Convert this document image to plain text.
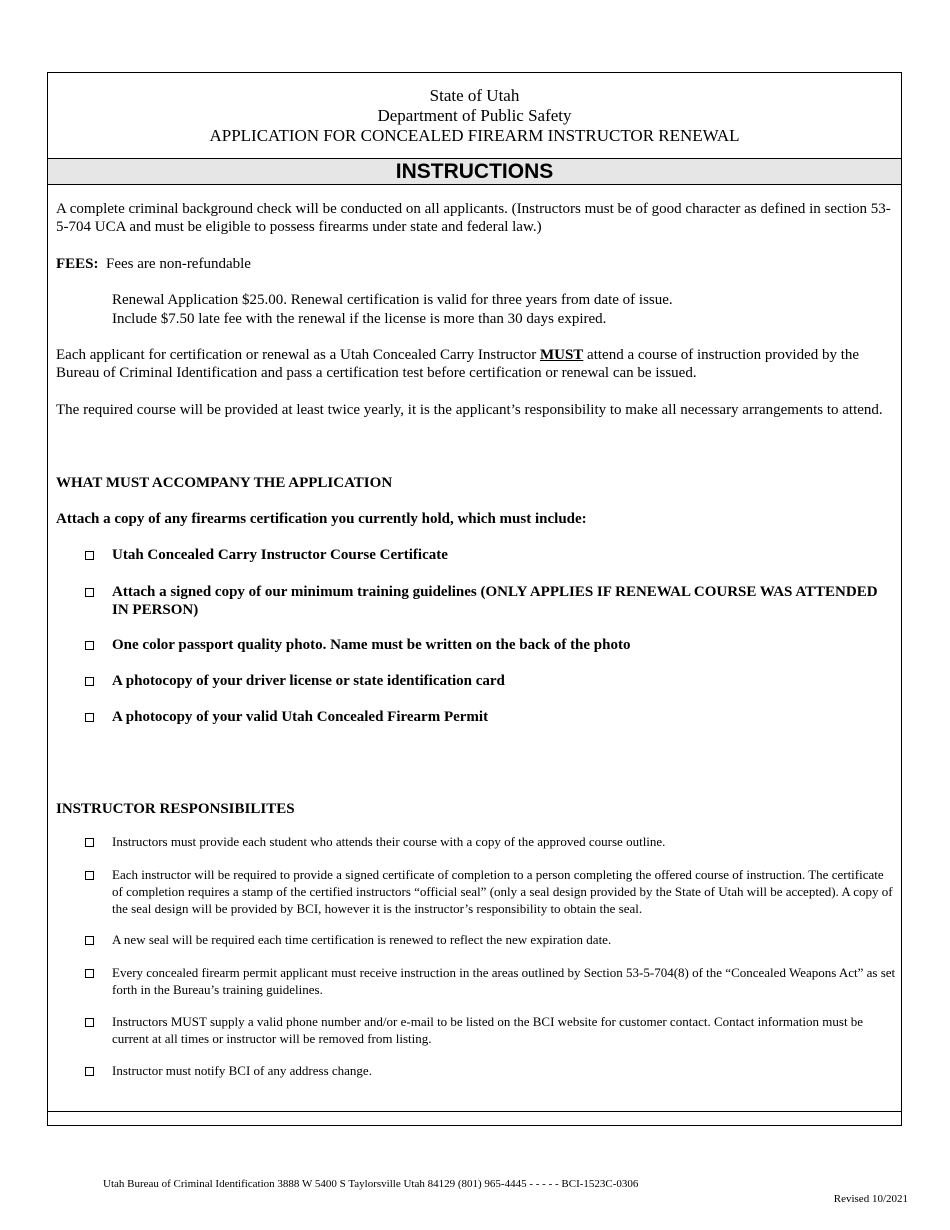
State of Utah
Department of Public Safety
APPLICATION FOR CONCEALED FIREARM INSTRUCTOR RENEWAL
INSTRUCTIONS
A complete criminal background check will be conducted on all applicants. (Instructors must be of good character as defined in section 53-5-704 UCA and must be eligible to possess firearms under state and federal law.)
FEES: Fees are non-refundable
Renewal Application $25.00. Renewal certification is valid for three years from date of issue.
Include $7.50 late fee with the renewal if the license is more than 30 days expired.
Each applicant for certification or renewal as a Utah Concealed Carry Instructor MUST attend a course of instruction provided by the Bureau of Criminal Identification and pass a certification test before certification or renewal can be issued.
The required course will be provided at least twice yearly, it is the applicant’s responsibility to make all necessary arrangements to attend.
WHAT MUST ACCOMPANY THE APPLICATION
Attach a copy of any firearms certification you currently hold, which must include:
Utah Concealed Carry Instructor Course Certificate
Attach a signed copy of our minimum training guidelines (ONLY APPLIES IF RENEWAL COURSE WAS ATTENDED IN PERSON)
One color passport quality photo. Name must be written on the back of the photo
A photocopy of your driver license or state identification card
A photocopy of your valid Utah Concealed Firearm Permit
INSTRUCTOR RESPONSIBILITES
Instructors must provide each student who attends their course with a copy of the approved course outline.
Each instructor will be required to provide a signed certificate of completion to a person completing the offered course of instruction. The certificate of completion requires a stamp of the certified instructors “official seal” (only a seal design provided by the State of Utah will be accepted). A copy of the seal design will be provided by BCI, however it is the instructor’s responsibility to obtain the seal.
A new seal will be required each time certification is renewed to reflect the new expiration date.
Every concealed firearm permit applicant must receive instruction in the areas outlined by Section 53-5-704(8) of the “Concealed Weapons Act” as set forth in the Bureau’s training guidelines.
Instructors MUST supply a valid phone number and/or e-mail to be listed on the BCI website for customer contact. Contact information must be current at all times or instructor will be removed from listing.
Instructor must notify BCI of any address change.
Utah Bureau of Criminal Identification 3888 W 5400 S Taylorsville Utah 84129 (801) 965-4445 - - - - - BCI-1523C-0306
Revised 10/2021
